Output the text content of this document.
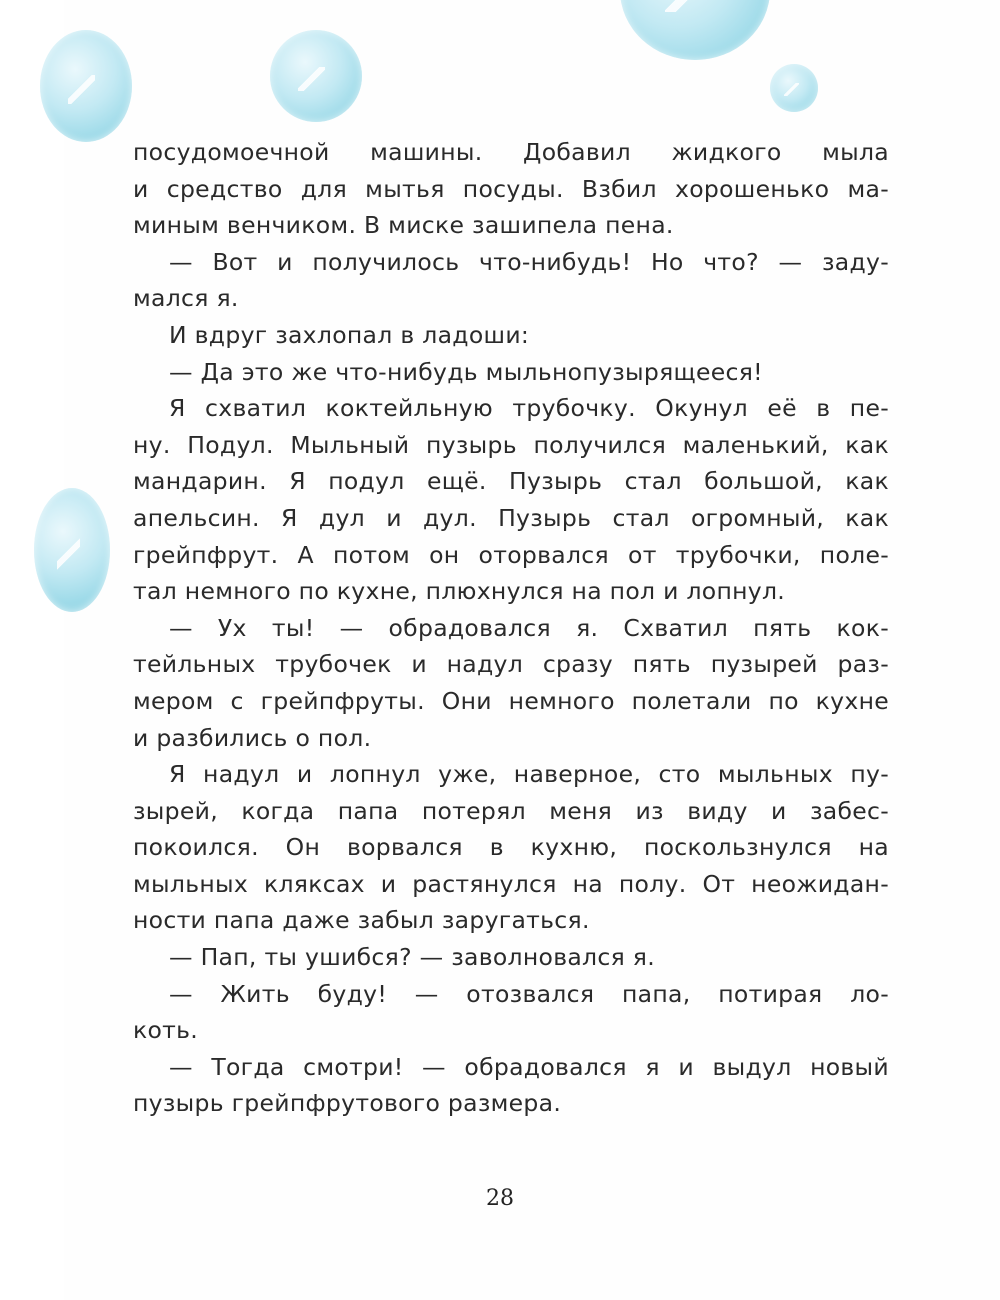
посудомоечной машины. Добавил жидкого мыла
и средство для мытья посуды. Взбил хорошенько ма-
миным венчиком. В миске зашипела пена.
— Вот и получилось что-нибудь! Но что? — заду-
мался я.
И вдруг захлопал в ладоши:
— Да это же что-нибудь мыльнопузырящееся!
Я схватил коктейльную трубочку. Окунул её в пе-
ну. Подул. Мыльный пузырь получился маленький, как
мандарин. Я подул ещё. Пузырь стал большой, как
апельсин. Я дул и дул. Пузырь стал огромный, как
грейпфрут. А потом он оторвался от трубочки, поле-
тал немного по кухне, плюхнулся на пол и лопнул.
— Ух ты! — обрадовался я. Схватил пять кок-
тейльных трубочек и надул сразу пять пузырей раз-
мером с грейпфруты. Они немного полетали по кухне
и разбились о пол.
Я надул и лопнул уже, наверное, сто мыльных пу-
зырей, когда папа потерял меня из виду и забес-
покоился. Он ворвался в кухню, поскользнулся на
мыльных кляксах и растянулся на полу. От неожидан-
ности папа даже забыл заругаться.
— Пап, ты ушибся? — заволновался я.
— Жить буду! — отозвался папа, потирая ло-
коть.
— Тогда смотри! — обрадовался я и выдул новый
пузырь грейпфрутового размера.
28
